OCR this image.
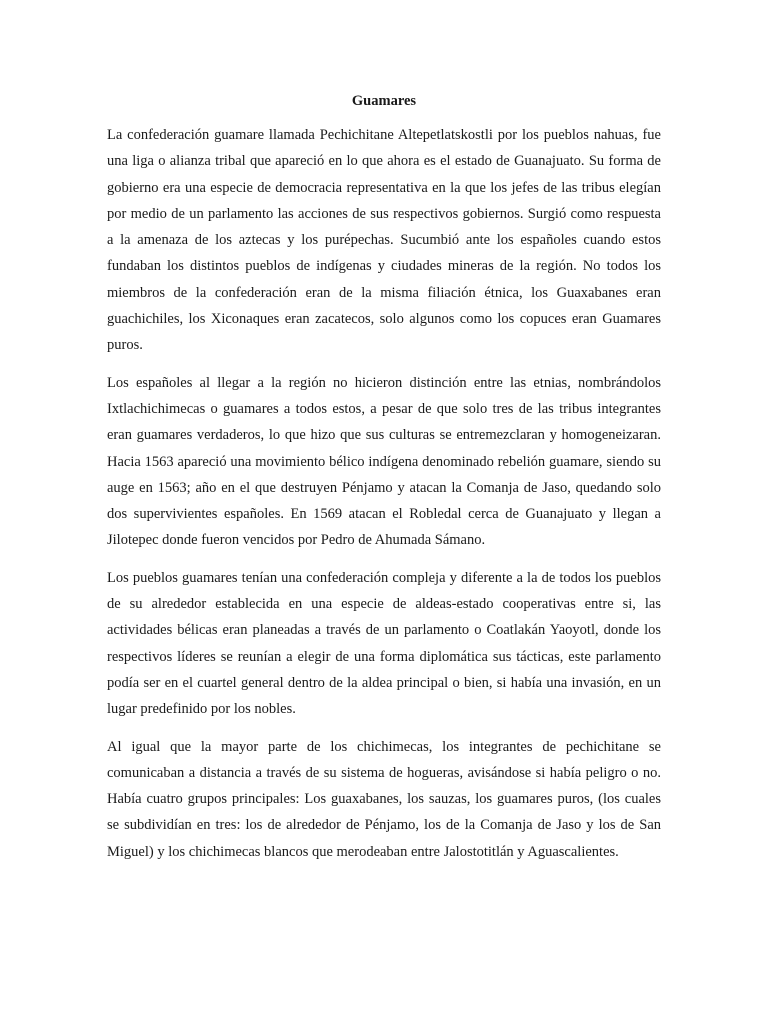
Guamares

La confederación guamare llamada Pechichitane Altepetlatskostli por los pueblos nahuas, fue una liga o alianza tribal que apareció en lo que ahora es el estado de Guanajuato. Su forma de gobierno era una especie de democracia representativa en la que los jefes de las tribus elegían por medio de un parlamento las acciones de sus respectivos gobiernos. Surgió como respuesta a la amenaza de los aztecas y los purépechas. Sucumbió ante los españoles cuando estos fundaban los distintos pueblos de indígenas y ciudades mineras de la región. No todos los miembros de la confederación eran de la misma filiación étnica, los Guaxabanes eran guachichiles, los Xiconaques eran zacatecos, solo algunos como los copuces eran Guamares puros.

Los españoles al llegar a la región no hicieron distinción entre las etnias, nombrándolos Ixtlachichimecas o guamares a todos estos, a pesar de que solo tres de las tribus integrantes eran guamares verdaderos, lo que hizo que sus culturas se entremezclaran y homogeneizaran. Hacia 1563 apareció una movimiento bélico indígena denominado rebelión guamare, siendo su auge en 1563; año en el que destruyen Pénjamo y atacan la Comanja de Jaso, quedando solo dos supervivientes españoles. En 1569 atacan el Robledal cerca de Guanajuato y llegan a Jilotepec donde fueron vencidos por Pedro de Ahumada Sámano.

Los pueblos guamares tenían una confederación compleja y diferente a la de todos los pueblos de su alrededor establecida en una especie de aldeas-estado cooperativas entre si, las actividades bélicas eran planeadas a través de un parlamento o Coatlakán Yaoyotl, donde los respectivos líderes se reunían a elegir de una forma diplomática sus tácticas, este parlamento podía ser en el cuartel general dentro de la aldea principal o bien, si había una invasión, en un lugar predefinido por los nobles.

Al igual que la mayor parte de los chichimecas, los integrantes de pechichitane se comunicaban a distancia a través de su sistema de hogueras, avisándose si había peligro o no. Había cuatro grupos principales: Los guaxabanes, los sauzas, los guamares puros, (los cuales se subdividían en tres: los de alrededor de Pénjamo, los de la Comanja de Jaso y los de San Miguel) y los chichimecas blancos que merodeaban entre Jalostotitlán y Aguascalientes.
